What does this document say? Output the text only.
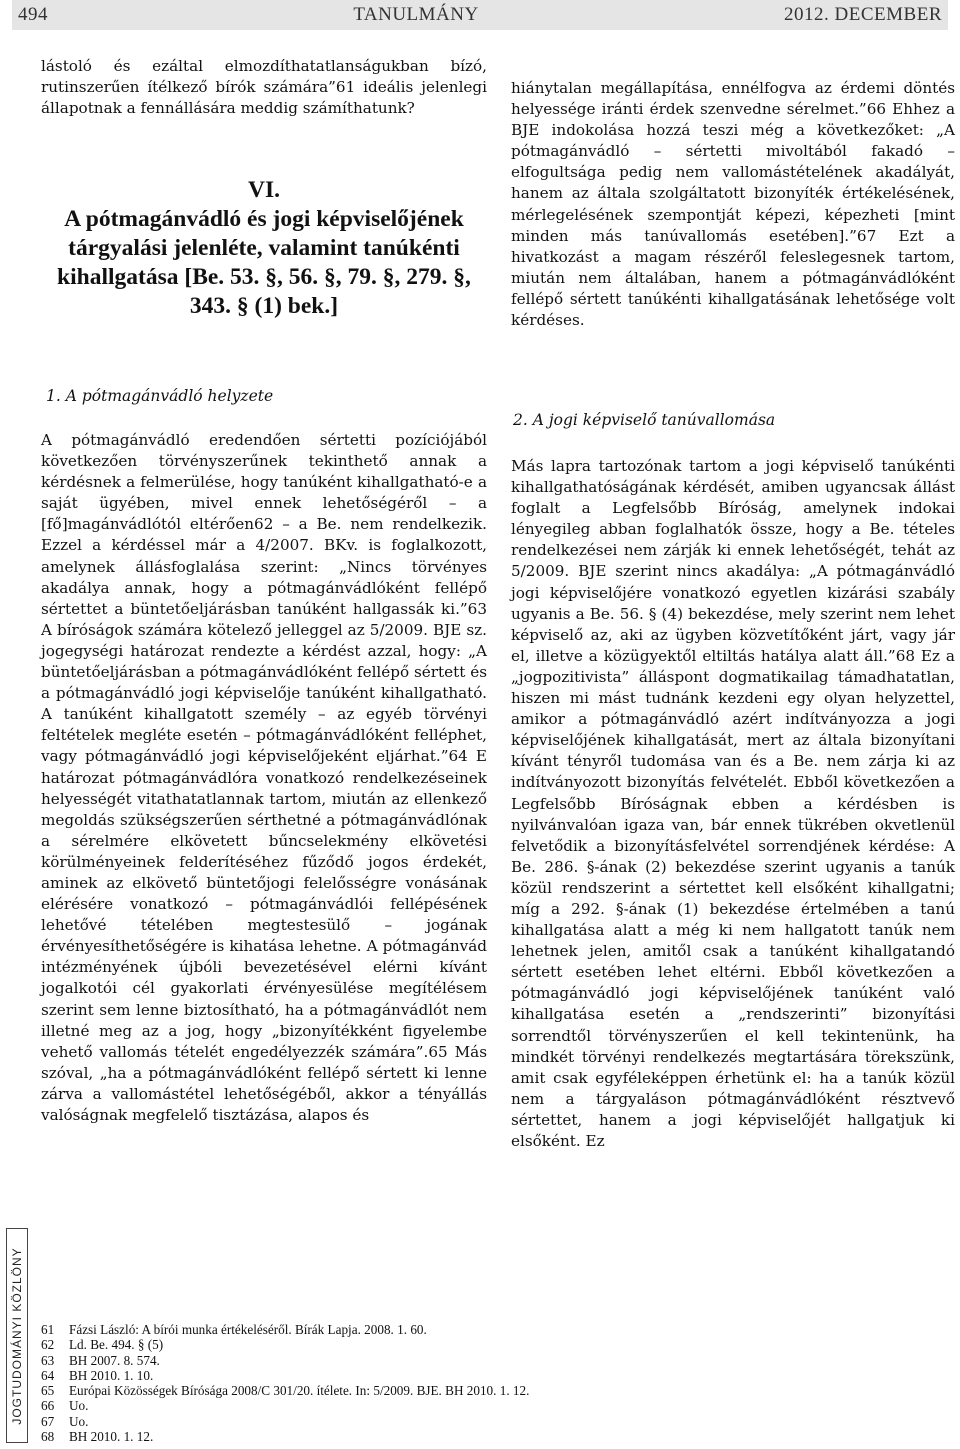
494	TANULMÁNY	2012. DECEMBER
JOGTUDOMÁNYI KÖZLÖNY

lástoló és ezáltal elmozdíthatatlanságukban bízó, rutinszerűen ítélkező bírók számára”61 ideális jelenlegi állapotnak a fennállására meddig számíthatunk?

VI.
A pótmagánvádló és jogi képviselőjének tárgyalási jelenléte, valamint tanúkénti kihallgatása [Be. 53. §, 56. §, 79. §, 279. §, 343. § (1) bek.]

1. A pótmagánvádló helyzete

A pótmagánvádló eredendően sértetti pozíciójából következően törvényszerűnek tekinthető annak a kérdésnek a felmerülése, hogy tanúként kihallgatható-e a saját ügyében, mivel ennek lehetőségéről – a [fő]magánvádlótól eltérően62 – a Be. nem rendelkezik. Ezzel a kérdéssel már a 4/2007. BKv. is foglalkozott, amelynek állásfoglalása szerint: „Nincs törvényes akadálya annak, hogy a pótmagánvádlóként fellépő sértettet a büntetőeljárásban tanúként hallgassák ki.”63 A bíróságok számára kötelező jelleggel az 5/2009. BJE sz. jogegységi határozat rendezte a kérdést azzal, hogy: „A büntetőeljárásban a pótmagánvádlóként fellépő sértett és a pótmagánvádló jogi képviselője tanúként kihallgatható. A tanúként kihallgatott személy – az egyéb törvényi feltételek megléte esetén – pótmagánvádlóként felléphet, vagy pótmagánvádló jogi képviselőjeként eljárhat.”64 E határozat pótmagánvádlóra vonatkozó rendelkezéseinek helyességét vitathatatlannak tartom, miután az ellenkező megoldás szükségszerűen sérthetné a pótmagánvádlónak a sérelmére elkövetett bűncselekmény elkövetési körülményeinek felderítéséhez fűződő jogos érdekét, aminek az elkövető büntetőjogi felelősségre vonásának elérésére vonatkozó – pótmagánvádlói fellépésének lehetővé tételében megtestesülő – jogának érvényesíthetőségére is kihatása lehetne. A pótmagánvád intézményének újbóli bevezetésével elérni kívánt jogalkotói cél gyakorlati érvényesülése megítélésem szerint sem lenne biztosítható, ha a pótmagánvádlót nem illetné meg az a jog, hogy „bizonyítékként figyelembe vehető vallomás tételét engedélyezzék számára”.65 Más szóval, „ha a pótmagánvádlóként fellépő sértett ki lenne zárva a vallomástétel lehetőségéből, akkor a tényállás valóságnak megfelelő tisztázása, alapos és

hiánytalan megállapítása, ennélfogva az érdemi döntés helyessége iránti érdek szenvedne sérelmet.”66 Ehhez a BJE indokolása hozzá teszi még a következőket: „A pótmagánvádló – sértetti mivoltából fakadó – elfogultsága pedig nem vallomástételének akadályát, hanem az általa szolgáltatott bizonyíték értékelésének, mérlegelésének szempontját képezi, képezheti [mint minden más tanúvallomás esetében].”67 Ezt a hivatkozást a magam részéről feleslegesnek tartom, miután nem általában, hanem a pótmagánvádlóként fellépő sértett tanúkénti kihallgatásának lehetősége volt kérdéses.

2. A jogi képviselő tanúvallomása

Más lapra tartozónak tartom a jogi képviselő tanúkénti kihallgathatóságának kérdését, amiben ugyancsak állást foglalt a Legfelsőbb Bíróság, amelynek indokai lényegileg abban foglalhatók össze, hogy a Be. tételes rendelkezései nem zárják ki ennek lehetőségét, tehát az 5/2009. BJE szerint nincs akadálya: „A pótmagánvádló jogi képviselőjére vonatkozó egyetlen kizárási szabály ugyanis a Be. 56. § (4) bekezdése, mely szerint nem lehet képviselő az, aki az ügyben közvetítőként járt, vagy jár el, illetve a közügyektől eltiltás hatálya alatt áll.”68 Ez a „jogpozitivista” álláspont dogmatikailag támadhatatlan, hiszen mi mást tudnánk kezdeni egy olyan helyzettel, amikor a pótmagánvádló azért indítványozza a jogi képviselőjének kihallgatását, mert az általa bizonyítani kívánt tényről tudomása van és a Be. nem zárja ki az indítványozott bizonyítás felvételét. Ebből következően a Legfelsőbb Bíróságnak ebben a kérdésben is nyilvánvalóan igaza van, bár ennek tükrében okvetlenül felvetődik a bizonyításfelvétel sorrendjének kérdése: A Be. 286. §-ának (2) bekezdése szerint ugyanis a tanúk közül rendszerint a sértettet kell elsőként kihallgatni; míg a 292. §-ának (1) bekezdése értelmében a tanú kihallgatása alatt a még ki nem hallgatott tanúk nem lehetnek jelen, amitől csak a tanúként kihallgatandó sértett esetében lehet eltérni. Ebből következően a pótmagánvádló jogi képviselőjének tanúként való kihallgatása esetén a „rendszerinti” bizonyítási sorrendtől törvényszerűen el kell tekintenünk, ha mindkét törvényi rendelkezés megtartására törekszünk, amit csak egyféleképpen érhetünk el: ha a tanúk közül nem a tárgyaláson pótmagánvádlóként résztvevő sértettet, hanem a jogi képviselőjét hallgatjuk ki elsőként. Ez

61 Fázsi László: A bírói munka értékeléséről. Bírák Lapja. 2008. 1. 60.
62 Ld. Be. 494. § (5)
63 BH 2007. 8. 574.
64 BH 2010. 1. 10.
65 Európai Közösségek Bírósága 2008/C 301/20. ítélete. In: 5/2009. BJE. BH 2010. 1. 12.
66 Uo.
67 Uo.
68 BH 2010. 1. 12.
